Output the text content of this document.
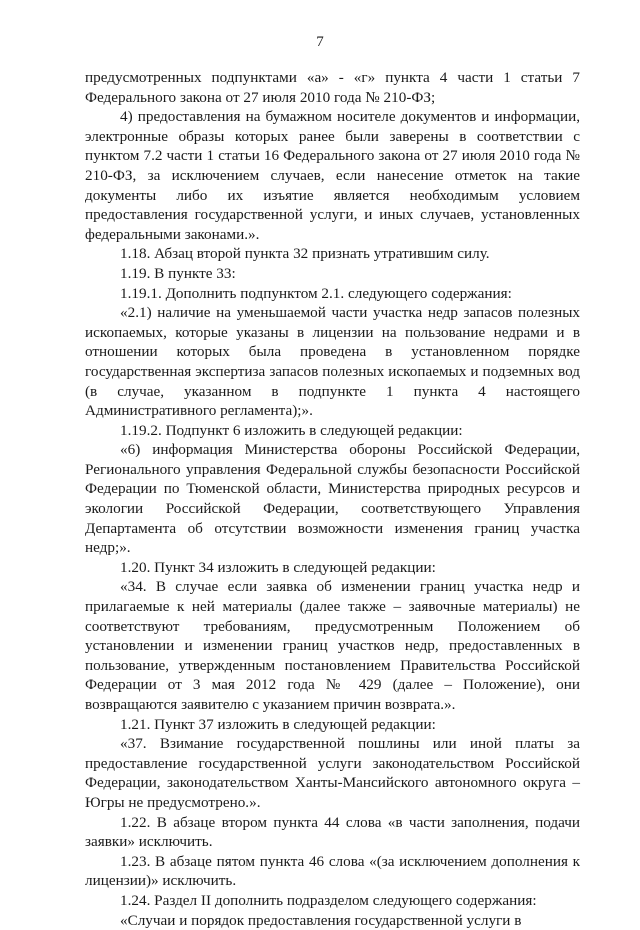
7

предусмотренных подпунктами «а» - «г» пункта 4 части 1 статьи 7 Федерального закона от 27 июля 2010 года № 210-ФЗ;

4) предоставления на бумажном носителе документов и информации, электронные образы которых ранее были заверены в соответствии с пунктом 7.2 части 1 статьи 16 Федерального закона от 27 июля 2010 года № 210-ФЗ, за исключением случаев, если нанесение отметок на такие документы либо их изъятие является необходимым условием предоставления государственной услуги, и иных случаев, установленных федеральными законами.».

1.18. Абзац второй пункта 32 признать утратившим силу.

1.19. В пункте 33:

1.19.1. Дополнить подпунктом 2.1. следующего содержания:

«2.1) наличие на уменьшаемой части участка недр запасов полезных ископаемых, которые указаны в лицензии на пользование недрами и в отношении которых была проведена в установленном порядке государственная экспертиза запасов полезных ископаемых и подземных вод (в случае, указанном в подпункте 1 пункта 4 настоящего Административного регламента);».

1.19.2. Подпункт 6 изложить в следующей редакции:

«6) информация Министерства обороны Российской Федерации, Регионального управления Федеральной службы безопасности Российской Федерации по Тюменской области, Министерства природных ресурсов и экологии Российской Федерации, соответствующего Управления Департамента об отсутствии возможности изменения границ участка недр;».

1.20. Пункт 34 изложить в следующей редакции:

«34. В случае если заявка об изменении границ участка недр и прилагаемые к ней материалы (далее также – заявочные материалы) не соответствуют требованиям, предусмотренным Положением об установлении и изменении границ участков недр, предоставленных в пользование, утвержденным постановлением Правительства Российской Федерации от 3 мая 2012 года № 429 (далее – Положение), они возвращаются заявителю с указанием причин возврата.».

1.21. Пункт 37 изложить в следующей редакции:

«37. Взимание государственной пошлины или иной платы за предоставление государственной услуги законодательством Российской Федерации, законодательством Ханты-Мансийского автономного округа – Югры не предусмотрено.».

1.22. В абзаце втором пункта 44 слова «в части заполнения, подачи заявки» исключить.

1.23. В абзаце пятом пункта 46 слова «(за исключением дополнения к лицензии)» исключить.

1.24. Раздел II дополнить подразделом следующего содержания:

«Случаи и порядок предоставления государственной услуги в
